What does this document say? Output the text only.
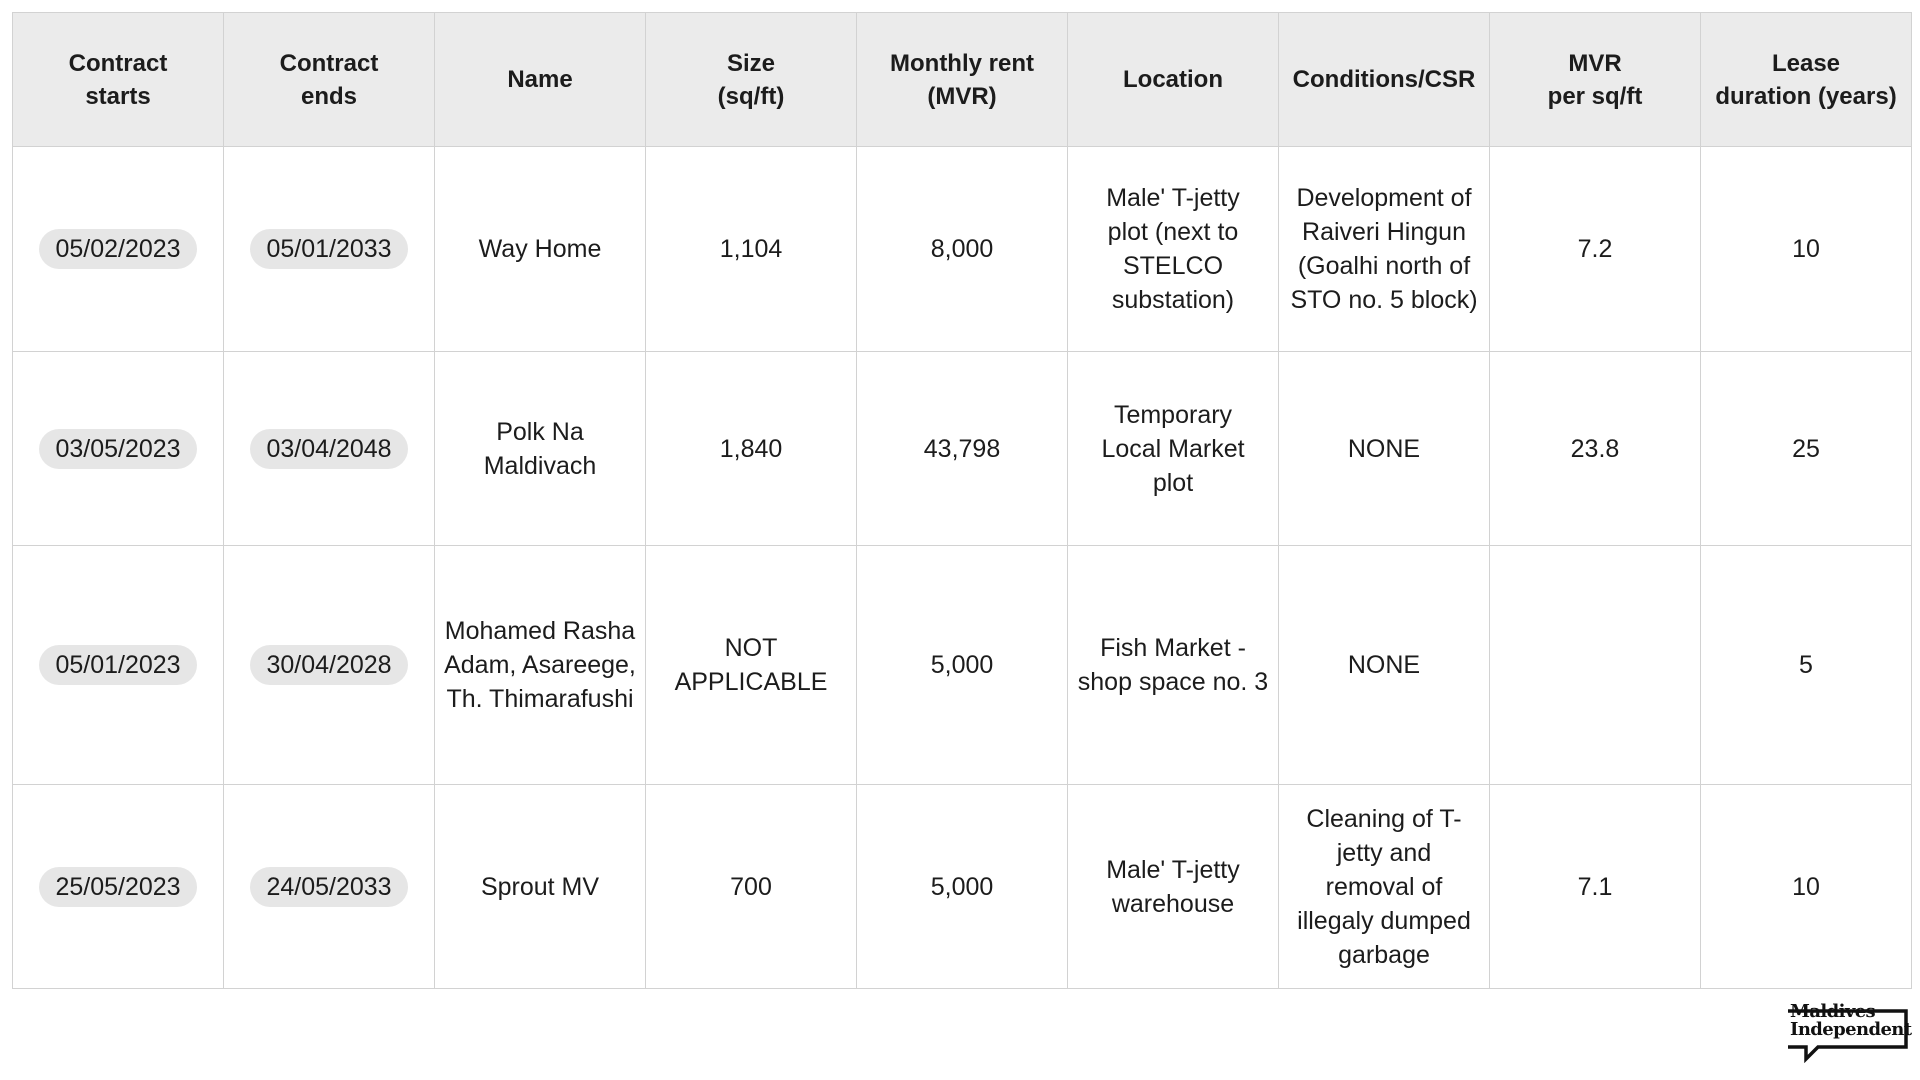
Contract
starts	Contract
ends	Name	Size
(sq/ft)	Monthly rent
(MVR)	Location	Conditions/CSR	MVR
per sq/ft	Lease
duration (years)
05/02/2023	05/01/2033	Way Home	1,104	8,000	Male' T-jetty
plot (next to
STELCO
substation)	Development of
Raiveri Hingun
(Goalhi north of
STO no. 5 block)	7.2	10
03/05/2023	03/04/2048	Polk Na
Maldivach	1,840	43,798	Temporary
Local Market
plot	NONE	23.8	25
05/01/2023	30/04/2028	Mohamed Rasha
Adam, Asareege,
Th. Thimarafushi	NOT
APPLICABLE	5,000	Fish Market -
shop space no. 3	NONE		5
25/05/2023	24/05/2033	Sprout MV	700	5,000	Male' T-jetty
warehouse	Cleaning of T-
jetty and
removal of
illegaly dumped
garbage	7.1	10
Maldives
Independent
